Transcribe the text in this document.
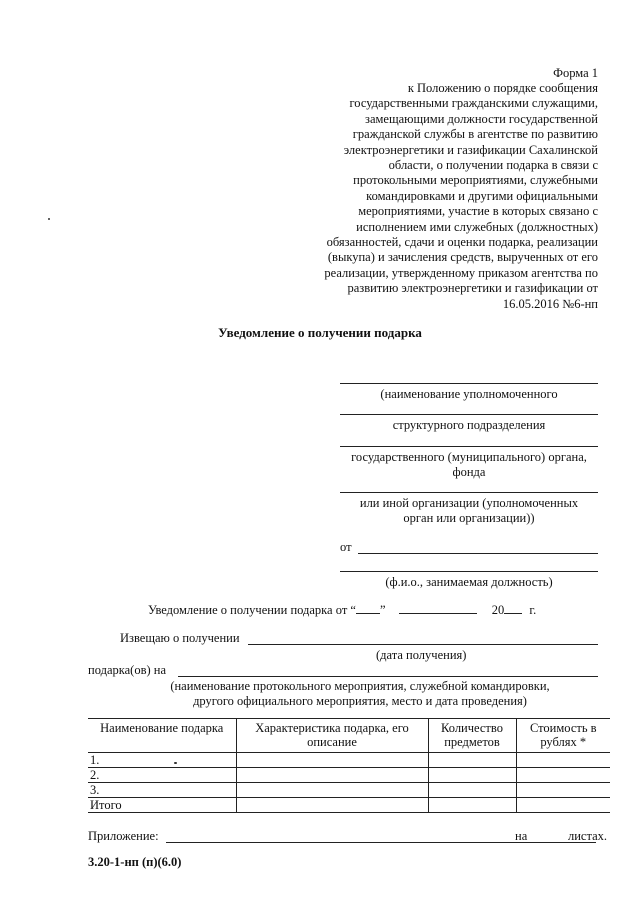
Форма 1
к Положению о порядке сообщения
государственными гражданскими служащими,
замещающими должности государственной
гражданской службы в агентстве по развитию
электроэнергетики и газификации Сахалинской
области, о получении подарка в связи с
протокольными мероприятиями, служебными
командировками и другими официальными
мероприятиями, участие в которых связано с
исполнением ими служебных (должностных)
обязанностей, сдачи и оценки подарка, реализации
(выкупа) и зачисления средств, вырученных от его
реализации, утвержденному приказом агентства по
развитию электроэнергетики и газификации от
16.05.2016 №6-нп
Уведомление о получении подарка
(наименование уполномоченного
структурного подразделения
государственного (муниципального) органа, фонда
или иной организации (уполномоченных орган или организации))
от
(ф.и.о., занимаемая должность)
Уведомление о получении подарка от “ ”	20 г.
Извещаю о получении
(дата получения)
подарка(ов) на
(наименование протокольного мероприятия, служебной командировки,
другого официального мероприятия, место и дата проведения)
Наименование подарка	Характеристика подарка, его описание	Количество предметов	Стоимость в рублях *
1.			
2.			
3.			
Итого			
Приложение:	на	листах.
3.20-1-нп (п)(6.0)
